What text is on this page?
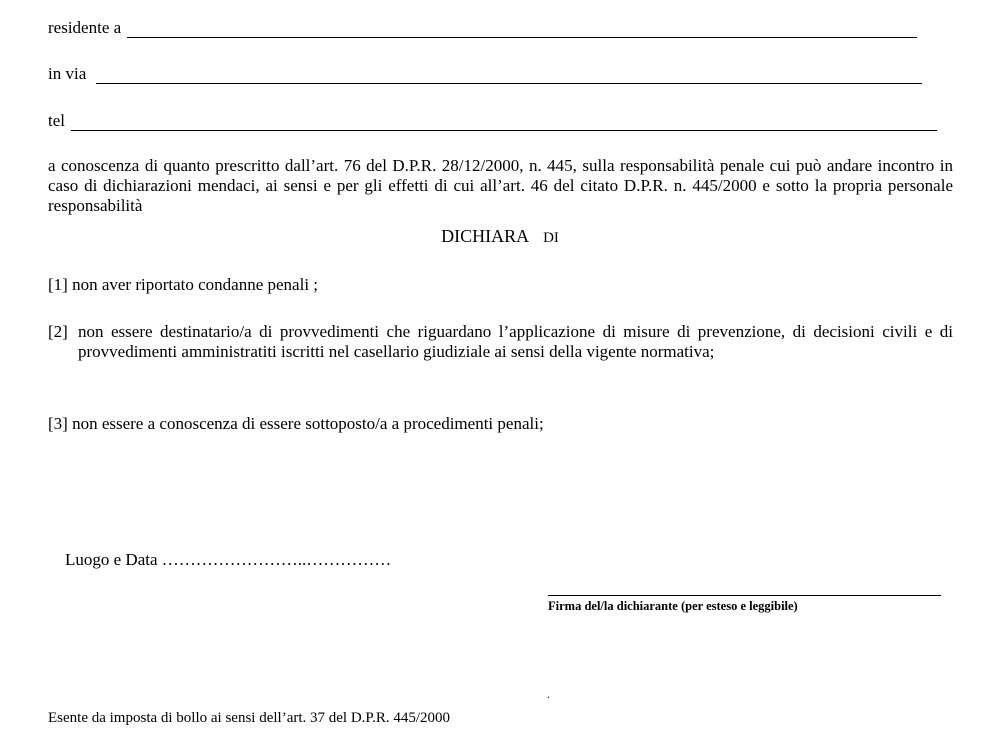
residente a
in via
tel
a conoscenza di quanto prescritto dall’art. 76 del D.P.R. 28/12/2000, n. 445, sulla responsabilità penale cui può andare incontro in caso di dichiarazioni mendaci, ai sensi e per gli effetti di cui all’art. 46 del citato D.P.R. n. 445/2000 e sotto la propria personale responsabilità
DICHIARA DI
[1] non aver riportato condanne penali ;
[2] non essere destinatario/a di provvedimenti che riguardano l’applicazione di misure di prevenzione, di decisioni civili e di provvedimenti amministratiti iscritti nel casellario giudiziale ai sensi della vigente normativa;
[3] non essere a conoscenza di essere sottoposto/a a procedimenti penali;

Luogo e Data ……………………..……………

Firma del/la dichiarante (per esteso e leggibile)
.
Esente da imposta di bollo ai sensi dell’art. 37 del D.P.R. 445/2000
